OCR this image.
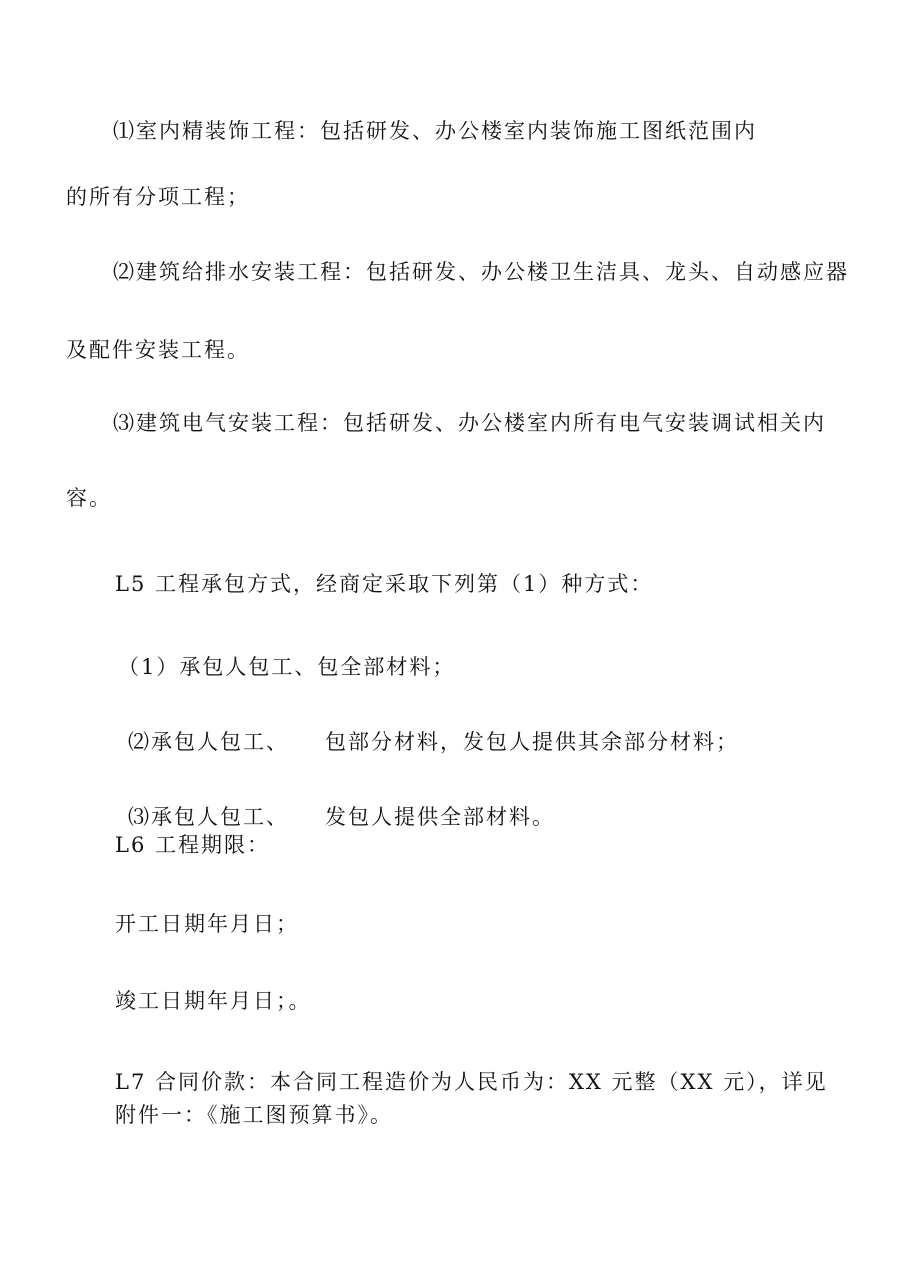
⑴室内精装饰工程：包括研发、办公楼室内装饰施工图纸范围内

的所有分项工程；

⑵建筑给排水安装工程：包括研发、办公楼卫生洁具、龙头、自动感应器

及配件安装工程。

⑶建筑电气安装工程：包括研发、办公楼室内所有电气安装调试相关内

容。

L5 工程承包方式，经商定采取下列第（1）种方式：

（1）承包人包工、包全部材料；

⑵承包人包工、 包部分材料，发包人提供其余部分材料；

⑶承包人包工、 发包人提供全部材料。

L6 工程期限：

开工日期年月日；

竣工日期年月日；。

L7 合同价款：本合同工程造价为人民币为：XX 元整（XX 元），详见

附件一：《施工图预算书》。
